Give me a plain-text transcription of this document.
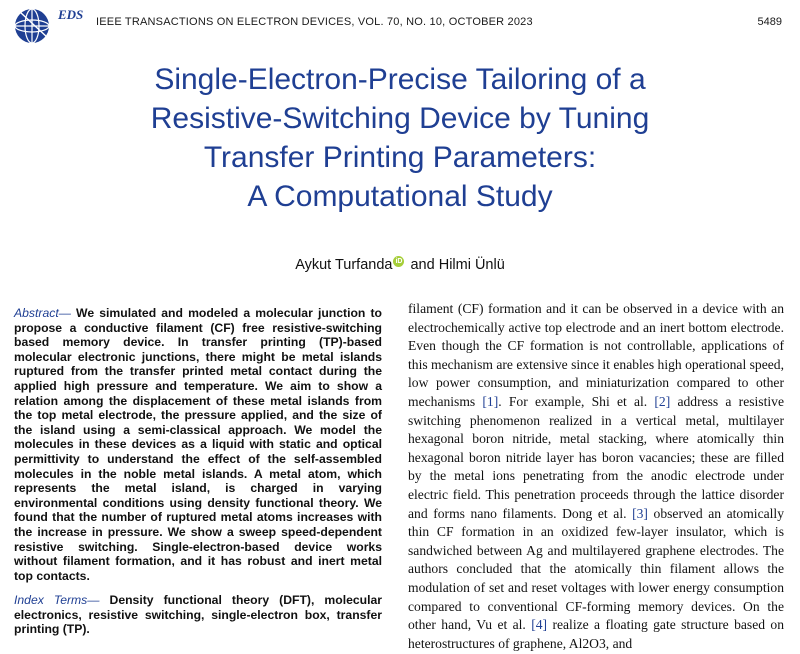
EDS IEEE TRANSACTIONS ON ELECTRON DEVICES, VOL. 70, NO. 10, OCTOBER 2023	5489
Single-Electron-Precise Tailoring of a
Resistive-Switching Device by Tuning
Transfer Printing Parameters:
A Computational Study
Aykut Turfanda iD and Hilmi Ünlü

Abstract— We simulated and modeled a molecular junction to propose a conductive filament (CF) free resistive-switching based memory device. In transfer printing (TP)-based molecular electronic junctions, there might be metal islands ruptured from the transfer printed metal contact during the applied high pressure and temperature. We aim to show a relation among the displacement of these metal islands from the top metal electrode, the pressure applied, and the size of the island using a semi-classical approach. We model the molecules in these devices as a liquid with static and optical permittivity to understand the effect of the self-assembled molecules in the noble metal islands. A metal atom, which represents the metal island, is charged in varying environmental conditions using density functional theory. We found that the number of ruptured metal atoms increases with the increase in pressure. We show a sweep speed-dependent resistive switching. Single-electron-based device works without filament formation, and it has robust and inert metal top contacts.

Index Terms— Density functional theory (DFT), molecular electronics, resistive switching, single-electron box, transfer printing (TP).

filament (CF) formation and it can be observed in a device with an electrochemically active top electrode and an inert bottom electrode. Even though the CF formation is not controllable, applications of this mechanism are extensive since it enables high operational speed, low power consumption, and miniaturization compared to other mechanisms [1]. For example, Shi et al. [2] address a resistive switching phenomenon realized in a vertical metal, multilayer hexagonal boron nitride, metal stacking, where atomically thin hexagonal boron nitride layer has boron vacancies; these are filled by the metal ions penetrating from the anodic electrode under electric field. This penetration proceeds through the lattice disorder and forms nano filaments. Dong et al. [3] observed an atomically thin CF formation in an oxidized few-layer insulator, which is sandwiched between Ag and multilayered graphene electrodes. The authors concluded that the atomically thin filament allows the modulation of set and reset voltages with lower energy consumption compared to conventional CF-forming memory devices. On the other hand, Vu et al. [4] realize a floating gate structure based on heterostructures of graphene, Al2O3, and
